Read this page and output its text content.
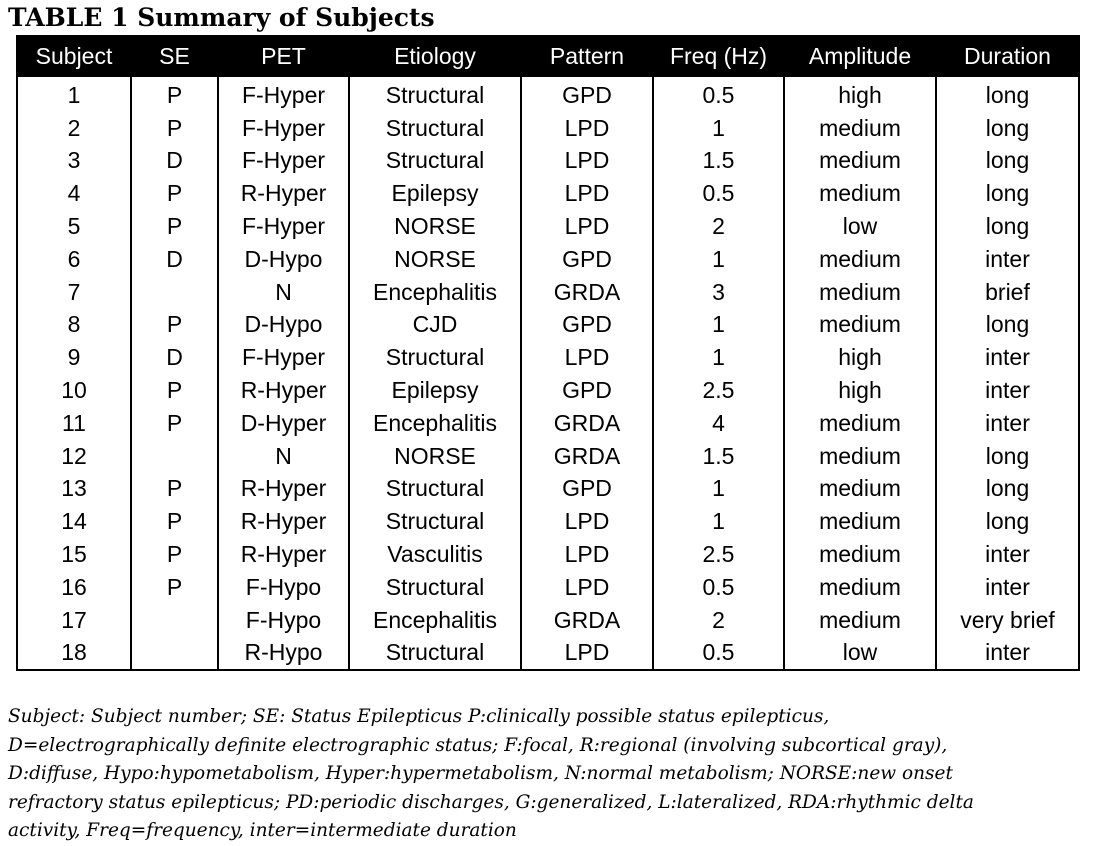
TABLE 1 Summary of Subjects
Subject	SE	PET	Etiology	Pattern	Freq (Hz)	Amplitude	Duration
1	P	F-Hyper	Structural	GPD	0.5	high	long
2	P	F-Hyper	Structural	LPD	1	medium	long
3	D	F-Hyper	Structural	LPD	1.5	medium	long
4	P	R-Hyper	Epilepsy	LPD	0.5	medium	long
5	P	F-Hyper	NORSE	LPD	2	low	long
6	D	D-Hypo	NORSE	GPD	1	medium	inter
7		N	Encephalitis	GRDA	3	medium	brief
8	P	D-Hypo	CJD	GPD	1	medium	long
9	D	F-Hyper	Structural	LPD	1	high	inter
10	P	R-Hyper	Epilepsy	GPD	2.5	high	inter
11	P	D-Hyper	Encephalitis	GRDA	4	medium	inter
12		N	NORSE	GRDA	1.5	medium	long
13	P	R-Hyper	Structural	GPD	1	medium	long
14	P	R-Hyper	Structural	LPD	1	medium	long
15	P	R-Hyper	Vasculitis	LPD	2.5	medium	inter
16	P	F-Hypo	Structural	LPD	0.5	medium	inter
17		F-Hypo	Encephalitis	GRDA	2	medium	very brief
18		R-Hypo	Structural	LPD	0.5	low	inter
Subject: Subject number; SE: Status Epilepticus P:clinically possible status epilepticus,
D=electrographically definite electrographic status; F:focal, R:regional (involving subcortical gray),
D:diffuse, Hypo:hypometabolism, Hyper:hypermetabolism, N:normal metabolism; NORSE:new onset
refractory status epilepticus; PD:periodic discharges, G:generalized, L:lateralized, RDA:rhythmic delta
activity, Freq=frequency, inter=intermediate duration
